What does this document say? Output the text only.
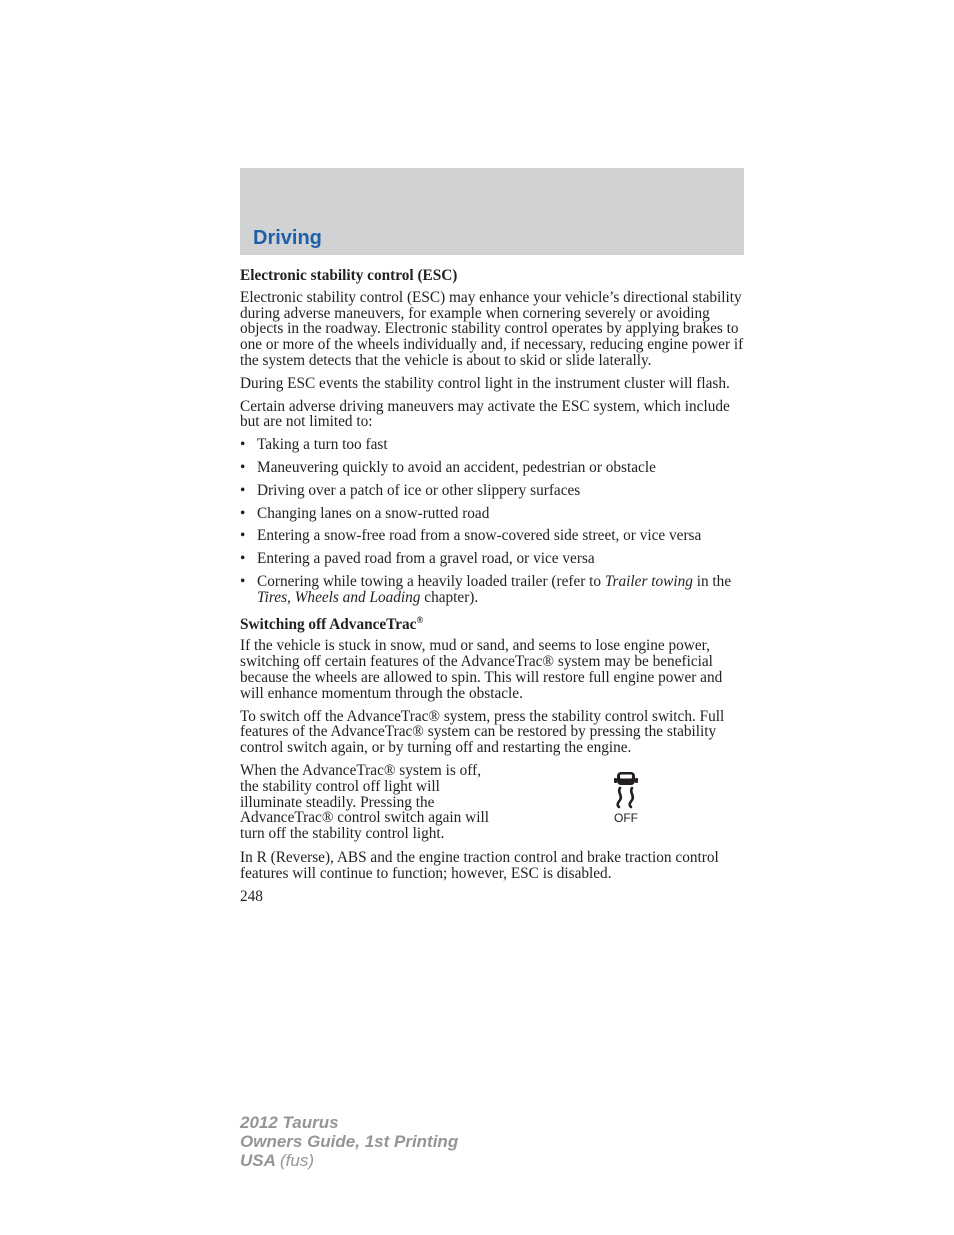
Driving
Electronic stability control (ESC)

Electronic stability control (ESC) may enhance your vehicle’s directional stability during adverse maneuvers, for example when cornering severely or avoiding objects in the roadway. Electronic stability control operates by applying brakes to one or more of the wheels individually and, if necessary, reducing engine power if the system detects that the vehicle is about to skid or slide laterally.

During ESC events the stability control light in the instrument cluster will flash.

Certain adverse driving maneuvers may activate the ESC system, which include but are not limited to:

• Taking a turn too fast
• Maneuvering quickly to avoid an accident, pedestrian or obstacle
• Driving over a patch of ice or other slippery surfaces
• Changing lanes on a snow-rutted road
• Entering a snow-free road from a snow-covered side street, or vice versa
• Entering a paved road from a gravel road, or vice versa
• Cornering while towing a heavily loaded trailer (refer to Trailer towing in the Tires, Wheels and Loading chapter).
Switching off AdvanceTrac®

If the vehicle is stuck in snow, mud or sand, and seems to lose engine power, switching off certain features of the AdvanceTrac® system may be beneficial because the wheels are allowed to spin. This will restore full engine power and will enhance momentum through the obstacle.

To switch off the AdvanceTrac® system, press the stability control switch. Full features of the AdvanceTrac® system can be restored by pressing the stability control switch again, or by turning off and restarting the engine.

When the AdvanceTrac® system is off, the stability control off light will illuminate steadily. Pressing the AdvanceTrac® control switch again will turn off the stability control light.
OFF

In R (Reverse), ABS and the engine traction control and brake traction control features will continue to function; however, ESC is disabled.

248
2012 Taurus
Owners Guide, 1st Printing
USA (fus)
